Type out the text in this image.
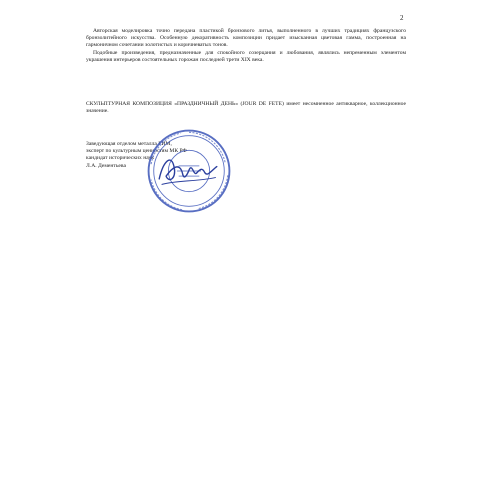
2

Авторская моделировка точно передана пластикой бронзового литья, выполненного в лучших традициях французского бронзолитейного искусства. Особенную декоративность композиции придает изысканная цветовая гамма, построенная на гармоничном сочетании золотистых и коричневатых тонов.

Подобные произведения, предназначенные для спокойного созерцания и любования, являлись непременным элементом украшения интерьеров состоятельных горожан последней трети XIX века.

СКУЛЬПТУРНАЯ КОМПОЗИЦИЯ «ПРАЗДНИЧНЫЙ ДЕНЬ» (JOUR DE FETE) имеет несомненное антикварное, коллекционное значение.

Заведующая отделом металла ГИМ,
эксперт по культурным ценностям МК РФ
кандидат исторических наук
Л.А. Дементьева
